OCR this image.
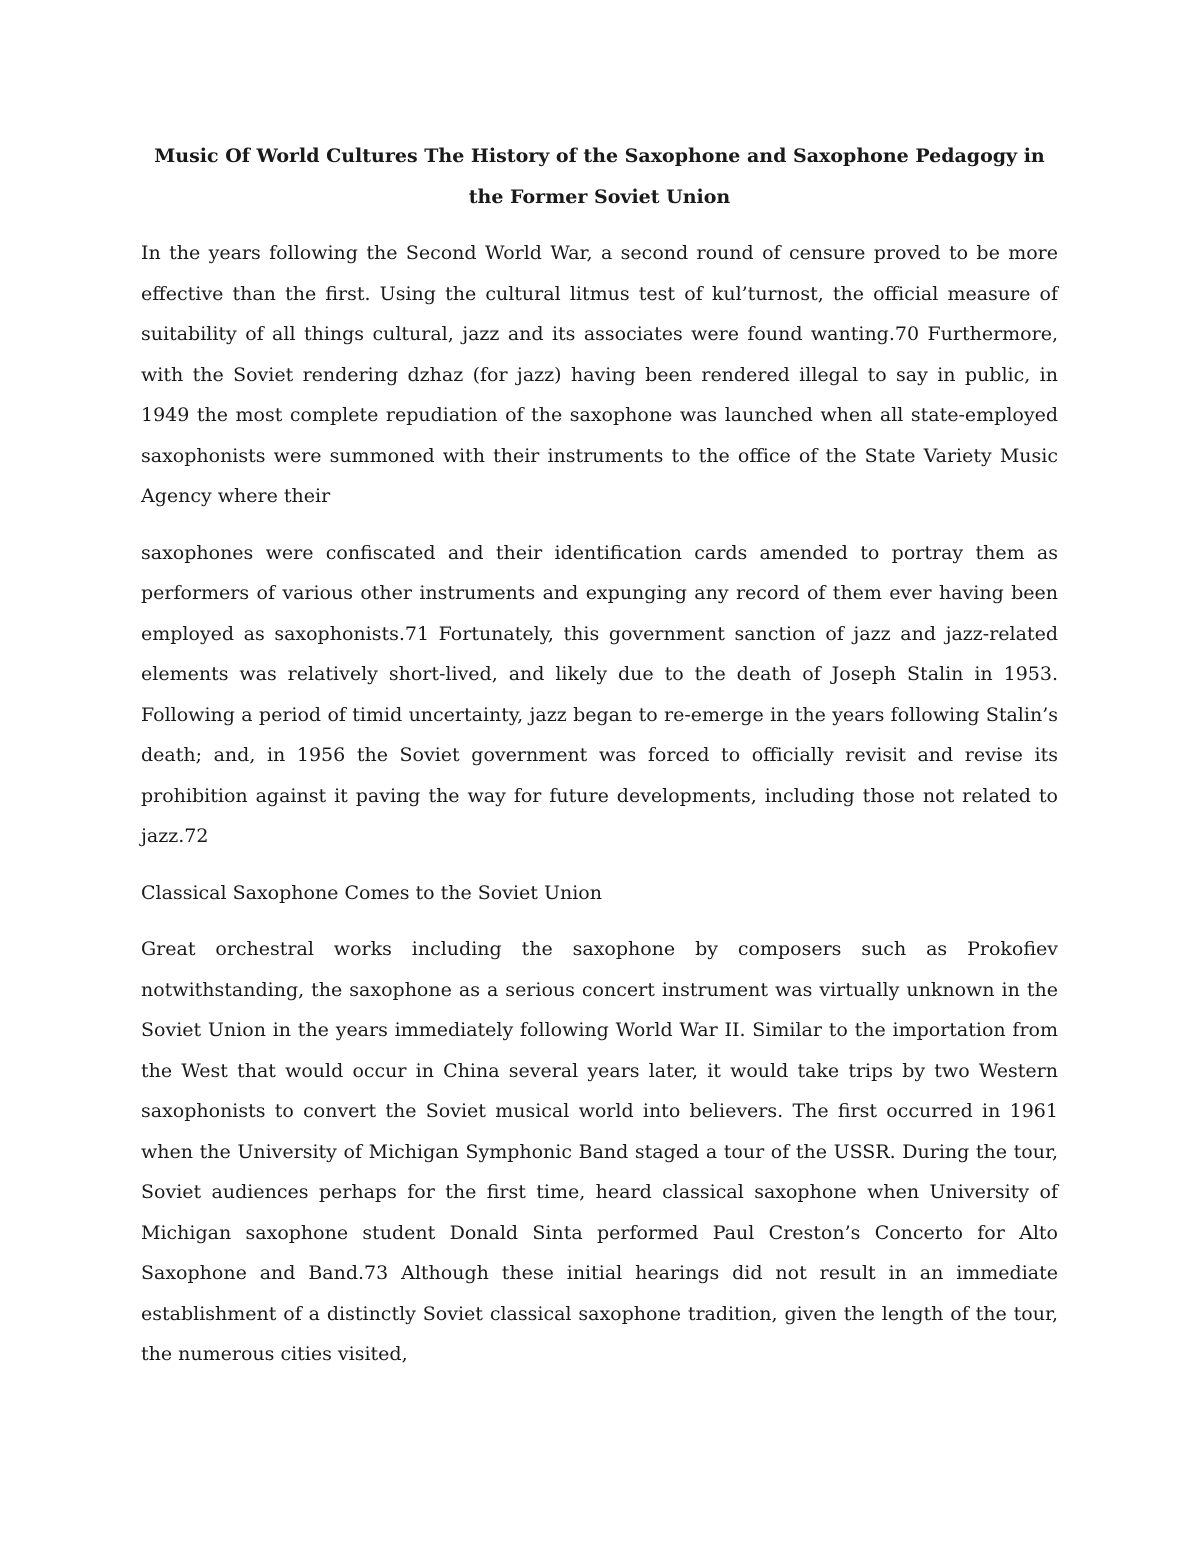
Music Of World Cultures The History of the Saxophone and Saxophone Pedagogy in the Former Soviet Union

In the years following the Second World War, a second round of censure proved to be more effective than the first. Using the cultural litmus test of kul’turnost, the official measure of suitability of all things cultural, jazz and its associates were found wanting.70 Furthermore, with the Soviet rendering dzhaz (for jazz) having been rendered illegal to say in public, in 1949 the most complete repudiation of the saxophone was launched when all state-employed saxophonists were summoned with their instruments to the office of the State Variety Music Agency where their

saxophones were confiscated and their identification cards amended to portray them as performers of various other instruments and expunging any record of them ever having been employed as saxophonists.71 Fortunately, this government sanction of jazz and jazz-related elements was relatively short-lived, and likely due to the death of Joseph Stalin in 1953. Following a period of timid uncertainty, jazz began to re-emerge in the years following Stalin’s death; and, in 1956 the Soviet government was forced to officially revisit and revise its prohibition against it paving the way for future developments, including those not related to jazz.72

Classical Saxophone Comes to the Soviet Union

Great orchestral works including the saxophone by composers such as Prokofiev notwithstanding, the saxophone as a serious concert instrument was virtually unknown in the Soviet Union in the years immediately following World War II. Similar to the importation from the West that would occur in China several years later, it would take trips by two Western saxophonists to convert the Soviet musical world into believers. The first occurred in 1961 when the University of Michigan Symphonic Band staged a tour of the USSR. During the tour, Soviet audiences perhaps for the first time, heard classical saxophone when University of Michigan saxophone student Donald Sinta performed Paul Creston’s Concerto for Alto Saxophone and Band.73 Although these initial hearings did not result in an immediate establishment of a distinctly Soviet classical saxophone tradition, given the length of the tour, the numerous cities visited,
